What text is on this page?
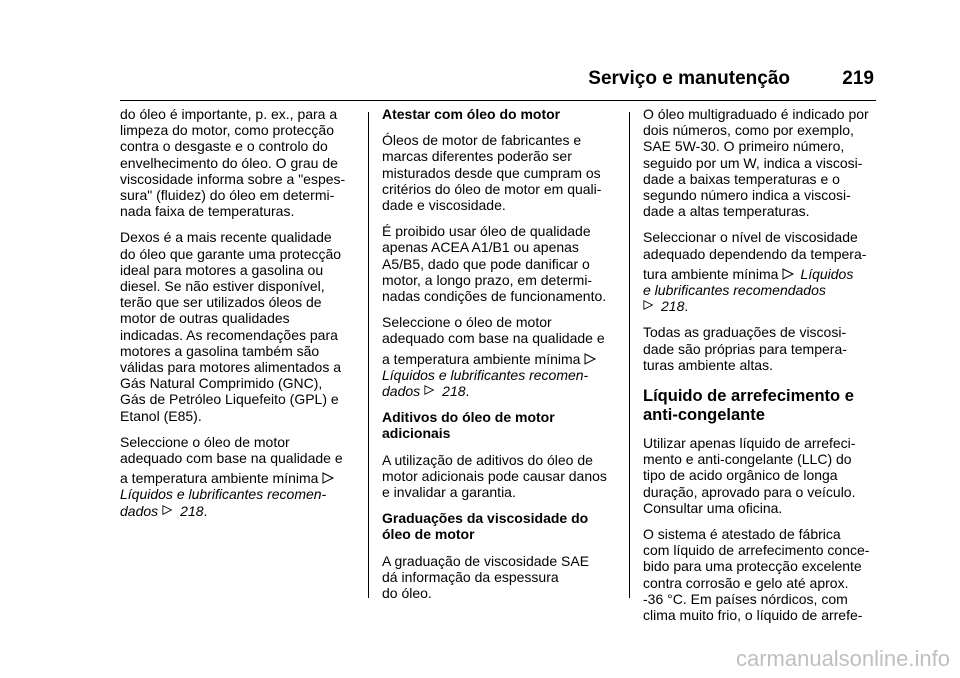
Serviço e manutenção	219

do óleo é importante, p. ex., para a
limpeza do motor, como protecção
contra o desgaste e o controlo do
envelhecimento do óleo. O grau de
viscosidade informa sobre a "espes-
sura" (fluidez) do óleo em determi-
nada faixa de temperaturas.

Dexos é a mais recente qualidade
do óleo que garante uma protecção
ideal para motores a gasolina ou
diesel. Se não estiver disponível,
terão que ser utilizados óleos de
motor de outras qualidades
indicadas. As recomendações para
motores a gasolina também são
válidas para motores alimentados a
Gás Natural Comprimido (GNC),
Gás de Petróleo Liquefeito (GPL) e
Etanol (E85).

Seleccione o óleo de motor
adequado com base na qualidade e
a temperatura ambiente mínima
Líquidos e lubrificantes recomen-
dados 218.

Atestar com óleo do motor

Óleos de motor de fabricantes e
marcas diferentes poderão ser
misturados desde que cumpram os
critérios do óleo de motor em quali-
dade e viscosidade.

É proibido usar óleo de qualidade
apenas ACEA A1/B1 ou apenas
A5/B5, dado que pode danificar o
motor, a longo prazo, em determi-
nadas condições de funcionamento.

Seleccione o óleo de motor
adequado com base na qualidade e
a temperatura ambiente mínima
Líquidos e lubrificantes recomen-
dados 218.

Aditivos do óleo de motor
adicionais

A utilização de aditivos do óleo de
motor adicionais pode causar danos
e invalidar a garantia.

Graduações da viscosidade do
óleo de motor

A graduação de viscosidade SAE
dá informação da espessura
do óleo.

O óleo multigraduado é indicado por
dois números, como por exemplo,
SAE 5W-30. O primeiro número,
seguido por um W, indica a viscosi-
dade a baixas temperaturas e o
segundo número indica a viscosi-
dade a altas temperaturas.

Seleccionar o nível de viscosidade
adequado dependendo da tempera-
tura ambiente mínima Líquidos
e lubrificantes recomendados
218.

Todas as graduações de viscosi-
dade são próprias para tempera-
turas ambiente altas.

Líquido de arrefecimento e
anti-congelante

Utilizar apenas líquido de arrefeci-
mento e anti-congelante (LLC) do
tipo de acido orgânico de longa
duração, aprovado para o veículo.
Consultar uma oficina.

O sistema é atestado de fábrica
com líquido de arrefecimento conce-
bido para uma protecção excelente
contra corrosão e gelo até aprox.
-36 °C. Em países nórdicos, com
clima muito frio, o líquido de arrefe-

carmanualsonline.info
